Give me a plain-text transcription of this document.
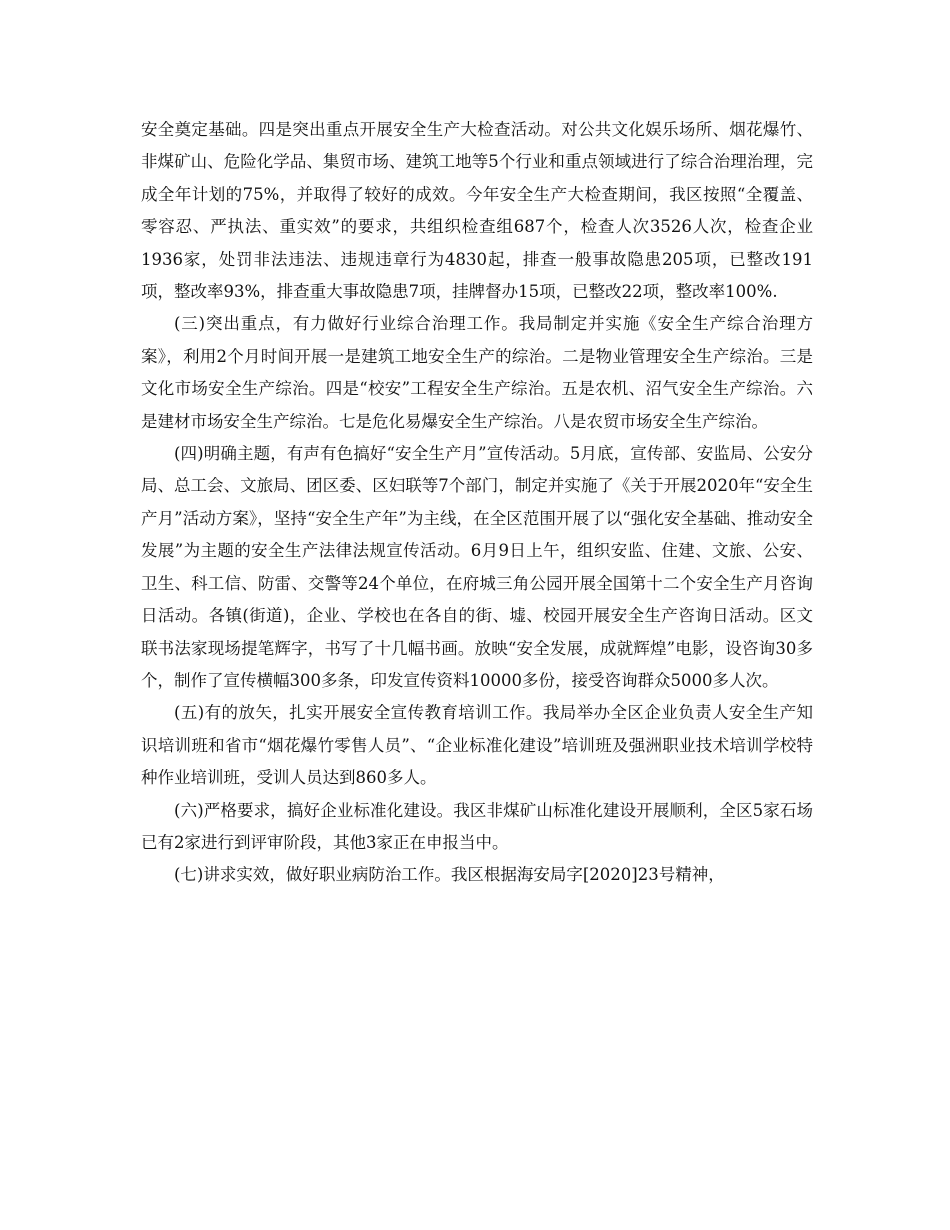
安全奠定基础。四是突出重点开展安全生产大检查活动。对公共文化娱乐场所、烟花爆竹、非煤矿山、危险化学品、集贸市场、建筑工地等5个行业和重点领域进行了综合治理治理，完成全年计划的75%，并取得了较好的成效。今年安全生产大检查期间，我区按照“全覆盖、零容忍、严执法、重实效”的要求，共组织检查组687个，检查人次3526人次，检查企业1936家，处罚非法违法、违规违章行为4830起，排查一般事故隐患205项，已整改191项，整改率93%，排查重大事故隐患7项，挂牌督办15项，已整改22项，整改率100%.

(三)突出重点，有力做好行业综合治理工作。我局制定并实施《安全生产综合治理方案》，利用2个月时间开展一是建筑工地安全生产的综治。二是物业管理安全生产综治。三是文化市场安全生产综治。四是“校安”工程安全生产综治。五是农机、沼气安全生产综治。六是建材市场安全生产综治。七是危化易爆安全生产综治。八是农贸市场安全生产综治。

(四)明确主题，有声有色搞好“安全生产月”宣传活动。5月底，宣传部、安监局、公安分局、总工会、文旅局、团区委、区妇联等7个部门，制定并实施了《关于开展2020年“安全生产月”活动方案》，坚持“安全生产年”为主线，在全区范围开展了以“强化安全基础、推动安全发展”为主题的安全生产法律法规宣传活动。6月9日上午，组织安监、住建、文旅、公安、卫生、科工信、防雷、交警等24个单位，在府城三角公园开展全国第十二个安全生产月咨询日活动。各镇(街道)，企业、学校也在各自的街、墟、校园开展安全生产咨询日活动。区文联书法家现场提笔辉字，书写了十几幅书画。放映“安全发展，成就辉煌”电影，设咨询30多个，制作了宣传横幅300多条，印发宣传资料10000多份，接受咨询群众5000多人次。

(五)有的放矢，扎实开展安全宣传教育培训工作。我局举办全区企业负责人安全生产知识培训班和省市“烟花爆竹零售人员”、“企业标准化建设”培训班及强洲职业技术培训学校特种作业培训班，受训人员达到860多人。

(六)严格要求，搞好企业标准化建设。我区非煤矿山标准化建设开展顺利，全区5家石场已有2家进行到评审阶段，其他3家正在申报当中。

(七)讲求实效，做好职业病防治工作。我区根据海安局字[2020]23号精神，
